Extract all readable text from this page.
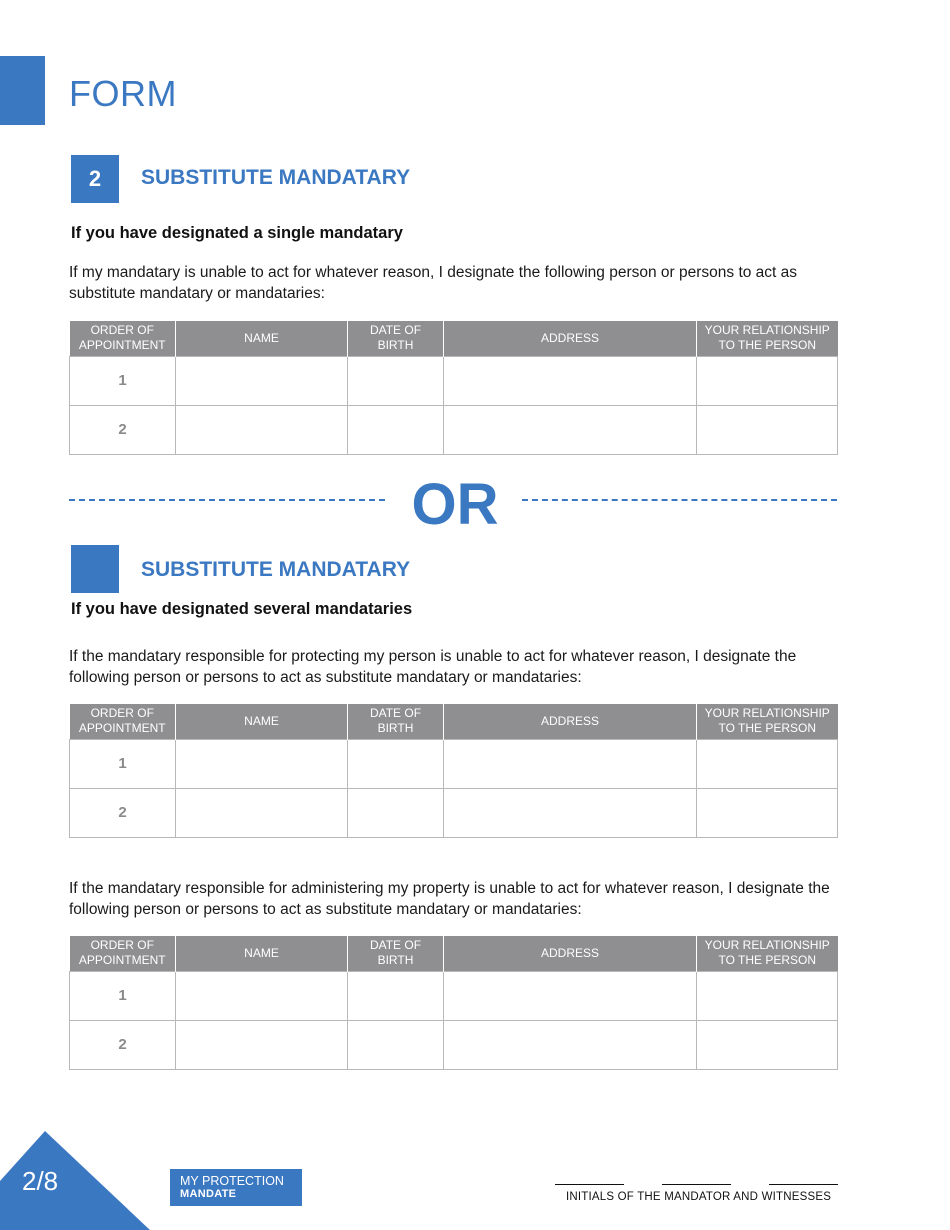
FORM
2	SUBSTITUTE MANDATARY
If you have designated a single mandatary

If my mandatary is unable to act for whatever reason, I designate the following person or persons to act as substitute mandatary or mandataries:

ORDER OF APPOINTMENT	NAME	DATE OF BIRTH	ADDRESS	YOUR RELATIONSHIP TO THE PERSON
1				
2				
OR
SUBSTITUTE MANDATARY
If you have designated several mandataries

If the mandatary responsible for protecting my person is unable to act for whatever reason, I designate the following person or persons to act as substitute mandatary or mandataries:

ORDER OF APPOINTMENT	NAME	DATE OF BIRTH	ADDRESS	YOUR RELATIONSHIP TO THE PERSON
1				
2				

If the mandatary responsible for administering my property is unable to act for whatever reason, I designate the following person or persons to act as substitute mandatary or mandataries:

ORDER OF APPOINTMENT	NAME	DATE OF BIRTH	ADDRESS	YOUR RELATIONSHIP TO THE PERSON
1				
2				
2/8	MY PROTECTION
MANDATE	INITIALS OF THE MANDATOR AND WITNESSES
